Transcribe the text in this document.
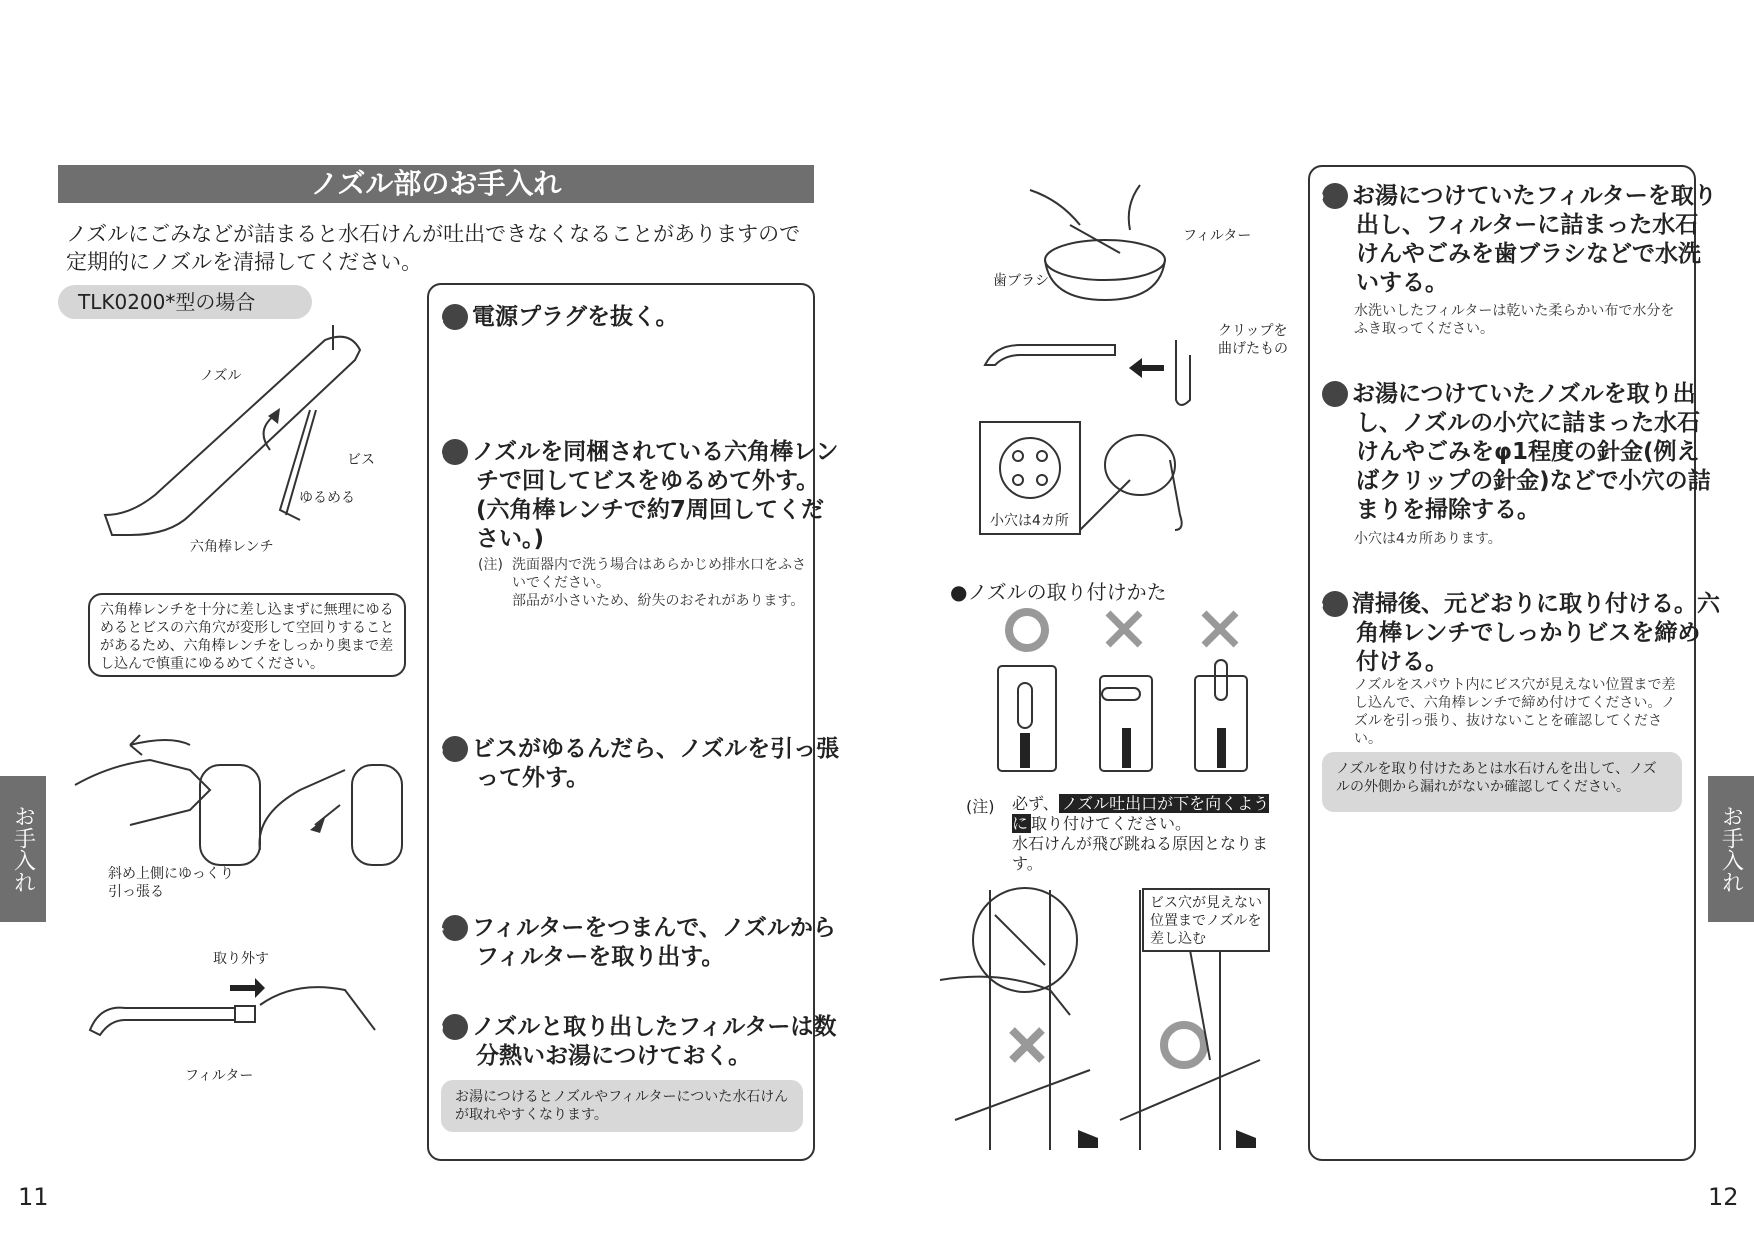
ノズル部のお手入れ
ノズルにごみなどが詰まると水石けんが吐出できなくなることがありますので
定期的にノズルを清掃してください。
TLK0200*型の場合
ノズル
ビス
ゆるめる
六角棒レンチ
六角棒レンチを十分に差し込まずに無理にゆるめるとビスの六角穴が変形して空回りすることがあるため、六角棒レンチをしっかり奥まで差し込んで慎重にゆるめてください。
斜め上側にゆっくり
引っ張る
取り外す
フィルター
1 電源プラグを抜く。
2 ノズルを同梱されている六角棒レンチで回してビスをゆるめて外す。(六角棒レンチで約7周回してください。)
(注) 洗面器内で洗う場合はあらかじめ排水口をふさいでください。
部品が小さいため、紛失のおそれがあります。
3 ビスがゆるんだら、ノズルを引っ張って外す。
4 フィルターをつまんで、ノズルからフィルターを取り出す。
5 ノズルと取り出したフィルターは数分熱いお湯につけておく。
お湯につけるとノズルやフィルターについた水石けんが取れやすくなります。
お手入れ
11
フィルター
歯ブラシ
クリップを
曲げたもの
小穴は4カ所
●ノズルの取り付けかた
(注) 必ず、 ノズル吐出口が下を向くように 取り付けてください。
水石けんが飛び跳ねる原因となります。
ビス穴が見えない
位置までノズルを
差し込む
6 お湯につけていたフィルターを取り出し、フィルターに詰まった水石けんやごみを歯ブラシなどで水洗いする。
水洗いしたフィルターは乾いた柔らかい布で水分をふき取ってください。
7 お湯につけていたノズルを取り出し、ノズルの小穴に詰まった水石けんやごみをφ1程度の針金(例えばクリップの針金)などで小穴の詰まりを掃除する。
小穴は4カ所あります。
8 清掃後、元どおりに取り付ける。六角棒レンチでしっかりビスを締め付ける。
ノズルをスパウト内にビス穴が見えない位置まで差し込んで、六角棒レンチで締め付けてください。ノズルを引っ張り、抜けないことを確認してください。
ノズルを取り付けたあとは水石けんを出して、ノズルの外側から漏れがないか確認してください。
お手入れ
12
